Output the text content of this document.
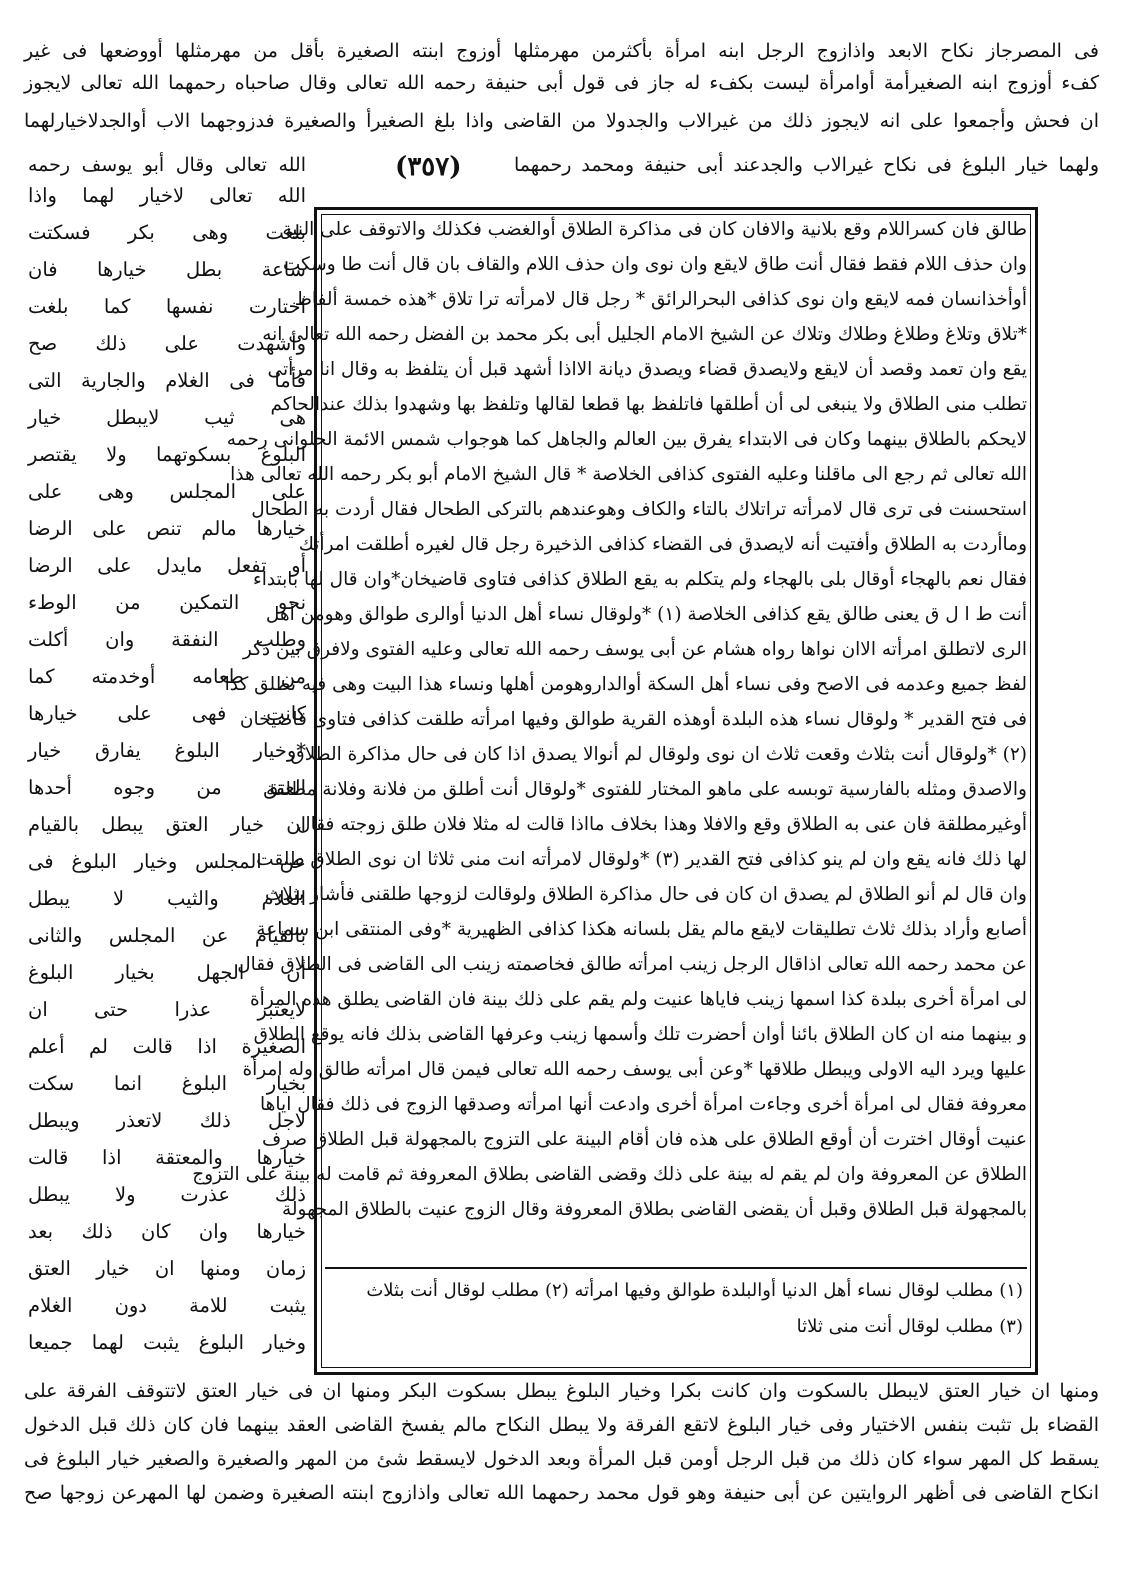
فى المصرجاز نكاح الابعد واذازوج الرجل ابنه امرأة بأكثرمن مهرمثلها أوزوج ابنته الصغيرة بأقل من مهرمثلها أووضعها فى غير
كفء أوزوج ابنه الصغيرأمة أوامرأة ليست بكفء له جاز فى قول أبى حنيفة رحمه الله تعالى وقال صاحباه رحمهما الله تعالى لايجوز
ان فحش وأجمعوا على انه لايجوز ذلك من غيرالاب والجدولا من القاضى واذا بلغ الصغيرأ والصغيرة فدزوجهما الاب أوالجدلاخيارلهما
ولهما خيار البلوغ فى نكاح غيرالاب والجدعند أبى حنيفة ومحمد رحمهما
(٣٥٧)
الله تعالى وقال أبو يوسف رحمه
طالق فان كسراللام وقع بلانية والافان كان فى مذاكرة الطلاق أوالغضب فكذلك والاتوقف على النية
وان حذف اللام فقط فقال أنت طاق لايقع وان نوى وان حذف اللام والقاف بان قال أنت طا وسكت
أوأخذانسان فمه لايقع وان نوى كذافى البحرالرائق * رجل قال لامرأته ترا تلاق *هذه خمسة ألفاظ
*تلاق وتلاغ وطلاغ وطلاك وتلاك عن الشيخ الامام الجليل أبى بكر محمد بن الفضل رحمه الله تعالى انه
يقع وان تعمد وقصد أن لايقع ولايصدق قضاء ويصدق ديانة الااذا أشهد قبل أن يتلفظ به وقال انا مرأتى
تطلب منى الطلاق ولا ينبغى لى أن أطلقها فاتلفظ بها قطعا لقالها وتلفظ بها وشهدوا بذلك عندالحاكم
لايحكم بالطلاق بينهما وكان فى الابتداء يفرق بين العالم والجاهل كما هوجواب شمس الائمة الحلوانى رحمه
الله تعالى ثم رجع الى ماقلنا وعليه الفتوى كذافى الخلاصة * قال الشيخ الامام أبو بكر رحمه الله تعالى هذا
استحسنت فى ترى قال لامرأته تراتلاك بالتاء والكاف وهوعندهم بالتركى الطحال فقال أردت به الطحال
وماأردت به الطلاق وأفتيت أنه لايصدق فى القضاء كذافى الذخيرة رجل قال لغيره أطلقت امرأتك
فقال نعم بالهجاء أوقال بلى بالهجاء ولم يتكلم به يقع الطلاق كذافى فتاوى قاضيخان*وان قال لها بابتداء
أنت ط ا ل ق يعنى طالق يقع كذافى الخلاصة (١) *ولوقال نساء أهل الدنيا أوالرى طوالق وهومن أهل
الرى لاتطلق امرأته الاان نواها رواه هشام عن أبى يوسف رحمه الله تعالى وعليه الفتوى ولافرق بين ذكر
لفظ جميع وعدمه فى الاصح وفى نساء أهل السكة أوالداروهومن أهلها ونساء هذا البيت وهى فيه تطلق كذا
فى فتح القدير * ولوقال نساء هذه البلدة أوهذه القرية طوالق وفيها امرأته طلقت كذافى فتاوى قاضيخان
(٢) *ولوقال أنت بثلاث وقعت ثلاث ان نوى ولوقال لم أنوالا يصدق اذا كان فى حال مذاكرة الطلاق
والاصدق ومثله بالفارسية توبسه على ماهو المختار للفتوى *ولوقال أنت أطلق من فلانة وفلانة مطلقة
أوغيرمطلقة فان عنى به الطلاق وقع والافلا وهذا بخلاف مااذا قالت له مثلا فلان طلق زوجته فقال
لها ذلك فانه يقع وان لم ينو كذافى فتح القدير (٣) *ولوقال لامرأته انت منى ثلاثا ان نوى الطلاق طلقت
وان قال لم أنو الطلاق لم يصدق ان كان فى حال مذاكرة الطلاق ولوقالت لزوجها طلقنى فأشار بثلاث
أصابع وأراد بذلك ثلاث تطليقات لايقع مالم يقل بلسانه هكذا كذافى الظهيرية *وفى المنتقى ابن سماعة
عن محمد رحمه الله تعالى اذاقال الرجل زينب امرأته طالق فخاصمته زينب الى القاضى فى الطلاق فقال
لى امرأة أخرى ببلدة كذا اسمها زينب فاياها عنيت ولم يقم على ذلك بينة فان القاضى يطلق هذه المرأة
و بينهما منه ان كان الطلاق بائنا أوان أحضرت تلك وأسمها زينب وعرفها القاضى بذلك فانه يوقع الطلاق
عليها ويرد اليه الاولى ويبطل طلاقها *وعن أبى يوسف رحمه الله تعالى فيمن قال امرأته طالق وله امرأة
معروفة فقال لى امرأة أخرى وجاءت امرأة أخرى وادعت أنها امرأته وصدقها الزوج فى ذلك فقال اياها
عنيت أوقال اخترت أن أوقع الطلاق على هذه فان أقام البينة على التزوج بالمجهولة قبل الطلاق صرف
الطلاق عن المعروفة وان لم يقم له بينة على ذلك وقضى القاضى بطلاق المعروفة ثم قامت له بينة على التزوج
بالمجهولة قبل الطلاق وقبل أن يقضى القاضى بطلاق المعروفة وقال الزوج عنيت بالطلاق المجهولة
(١) مطلب لوقال نساء أهل الدنيا أوالبلدة طوالق وفيها امرأته (٢) مطلب لوقال أنت بثلاث
(٣) مطلب لوقال أنت منى ثلاثا
الله تعالى لاخيار لهما واذا
بلغت وهى بكر فسكتت
ساعة بطل خيارها فان
اختارت نفسها كما بلغت
وأشهدت على ذلك صح
فأما فى الغلام والجارية التى
هى ثيب لايبطل خيار
البلوغ بسكوتهما ولا يقتصر
على المجلس وهى على
خيارها مالم تنص على الرضا
أو تفعل مايدل على الرضا
نحو التمكين من الوطء
وطلب النفقة وان أكلت
من طعامه أوخدمته كما
كانت فهى على خيارها
*وخيار البلوغ يفارق خيار
العتق من وجوه أحدها
ان خيار العتق يبطل بالقيام
عن المجلس وخيار البلوغ فى
الغلام والثيب لا يبطل
بالقيام عن المجلس والثانى
أن الجهل بخيار البلوغ
لايعتبر عذرا حتى ان
الصغيرة اذا قالت لم أعلم
بخيار البلوغ انما سكت
لاجل ذلك لاتعذر ويبطل
خيارها والمعتقة اذا قالت
ذلك عذرت ولا يبطل
خيارها وان كان ذلك بعد
زمان ومنها ان خيار العتق
يثبت للامة دون الغلام
وخيار البلوغ يثبت لهما جميعا
ومنها ان خيار العتق لايبطل بالسكوت وان كانت بكرا وخيار البلوغ يبطل بسكوت البكر ومنها ان فى خيار العتق لاتتوقف الفرقة على
القضاء بل تثبت بنفس الاختيار وفى خيار البلوغ لاتقع الفرقة ولا يبطل النكاح مالم يفسخ القاضى العقد بينهما فان كان ذلك قبل الدخول
يسقط كل المهر سواء كان ذلك من قبل الرجل أومن قبل المرأة وبعد الدخول لايسقط شئ من المهر والصغيرة والصغير خيار البلوغ فى
انكاح القاضى فى أظهر الروايتين عن أبى حنيفة وهو قول محمد رحمهما الله تعالى واذازوج ابنته الصغيرة وضمن لها المهرعن زوجها صح
